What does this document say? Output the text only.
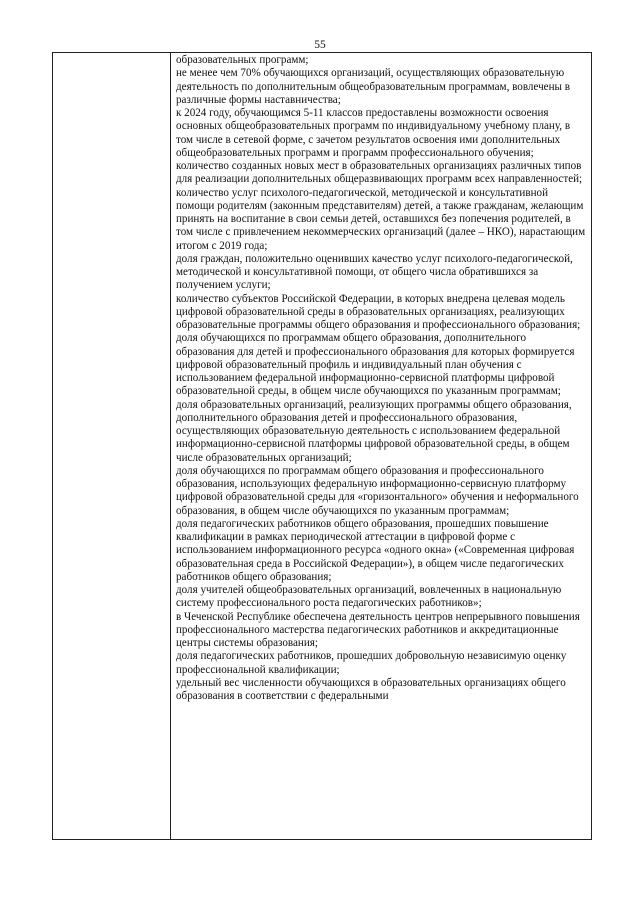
55

образовательных программ;

не менее чем 70% обучающихся организаций, осуществляющих образовательную деятельность по дополнительным общеобразовательным программам, вовлечены в различные формы наставничества;

к 2024 году, обучающимся 5-11 классов предоставлены возможности освоения основных общеобразовательных программ по индивидуальному учебному плану, в том числе в сетевой форме, с зачетом результатов освоения ими дополнительных общеобразовательных программ и программ профессионального обучения;

количество созданных новых мест в образовательных организациях различных типов для реализации дополнительных общеразвивающих программ всех направленностей;

количество услуг психолого-педагогической, методической и консультативной помощи родителям (законным представителям) детей, а также гражданам, желающим принять на воспитание в свои семьи детей, оставшихся без попечения родителей, в том числе с привлечением некоммерческих организаций (далее – НКО), нарастающим итогом с 2019 года;

доля граждан, положительно оценивших качество услуг психолого-педагогической, методической и консультативной помощи, от общего числа обратившихся за получением услуги;

количество субъектов Российской Федерации, в которых внедрена целевая модель цифровой образовательной среды в образовательных организациях, реализующих образовательные программы общего образования и профессионального образования;

доля обучающихся по программам общего образования, дополнительного образования для детей и профессионального образования для которых формируется цифровой образовательный профиль и индивидуальный план обучения с использованием федеральной информационно-сервисной платформы цифровой образовательной среды, в общем числе обучающихся по указанным программам;

доля образовательных организаций, реализующих программы общего образования, дополнительного образования детей и профессионального образования, осуществляющих образовательную деятельность с использованием федеральной информационно-сервисной платформы цифровой образовательной среды, в общем числе образовательных организаций;

доля обучающихся по программам общего образования и профессионального образования, использующих федеральную информационно-сервисную платформу цифровой образовательной среды для «горизонтального» обучения и неформального образования, в общем числе обучающихся по указанным программам;

доля педагогических работников общего образования, прошедших повышение квалификации в рамках периодической аттестации в цифровой форме с использованием информационного ресурса «одного окна» («Современная цифровая образовательная среда в Российской Федерации»), в общем числе педагогических работников общего образования;

доля учителей общеобразовательных организаций, вовлеченных в национальную систему профессионального роста педагогических работников»;

в Чеченской Республике обеспечена деятельность центров непрерывного повышения профессионального мастерства педагогических работников и аккредитационные центры системы образования;

доля педагогических работников, прошедших добровольную независимую оценку профессиональной квалификации;

удельный вес численности обучающихся в образовательных организациях общего образования в соответствии с федеральными
